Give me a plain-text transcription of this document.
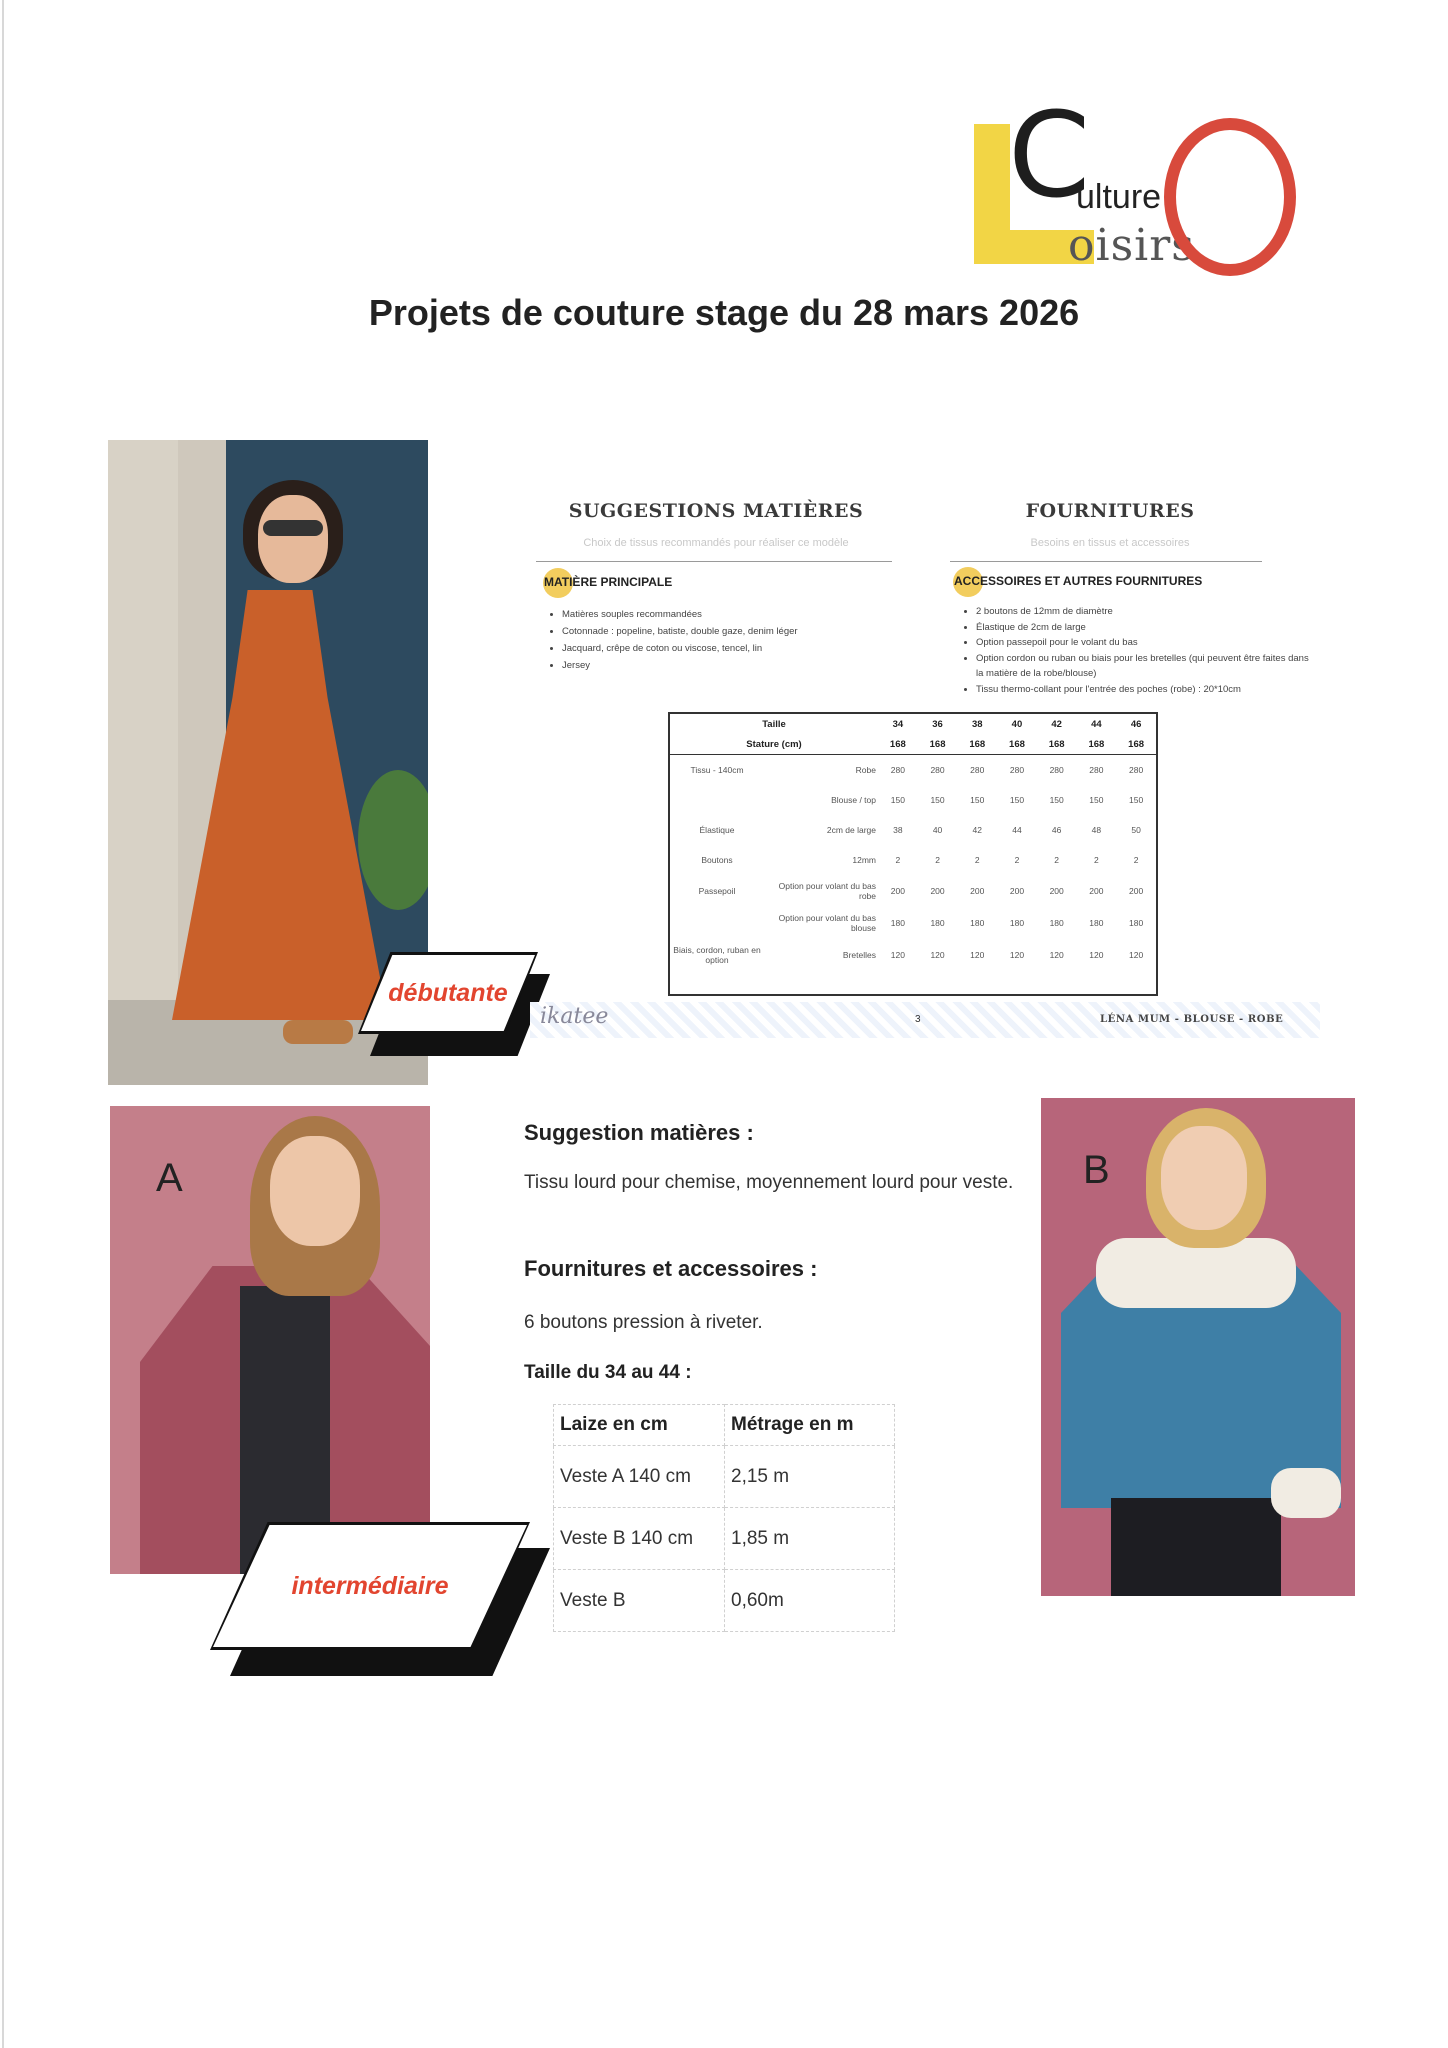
C
ulture
oisirs
Projets de couture stage du 28 mars 2026
débutante
SUGGESTIONS MATIÈRES	FOURNITURES
Choix de tissus recommandés pour réaliser ce modèle	Besoins en tissus et accessoires
MATIÈRE PRINCIPALE	ACCESSOIRES ET AUTRES FOURNITURES
• Matières souples recommandées
• Cotonnade : popeline, batiste, double gaze, denim léger
• Jacquard, crêpe de coton ou viscose, tencel, lin
• Jersey
• 2 boutons de 12mm de diamètre
• Élastique de 2cm de large
• Option passepoil pour le volant du bas
• Option cordon ou ruban ou biais pour les bretelles (qui peuvent être faites dans la matière de la robe/blouse)
• Tissu thermo-collant pour l'entrée des poches (robe) : 20*10cm
Taille		34	36	38	40	42	44	46
Stature (cm)		168	168	168	168	168	168	168
Tissu - 140cm	Robe	280	280	280	280	280	280	280
	Blouse / top	150	150	150	150	150	150	150
Élastique	2cm de large	38	40	42	44	46	48	50
Boutons	12mm	2	2	2	2	2	2	2
Passepoil	Option pour volant du bas robe	200	200	200	200	200	200	200
	Option pour volant du bas blouse	180	180	180	180	180	180	180
Biais, cordon, ruban en option	Bretelles	120	120	120	120	120	120	120
ikatee	3	LÉNA MUM - BLOUSE - ROBE
A
intermédiaire
B
Suggestion matières :
Tissu lourd pour chemise, moyennement lourd pour veste.
Fournitures et accessoires :
6 boutons pression à riveter.
Taille du 34 au 44 :
Laize en cm	Métrage en m
Veste A 140 cm	2,15 m
Veste B 140 cm	1,85 m
Veste B	0,60m
